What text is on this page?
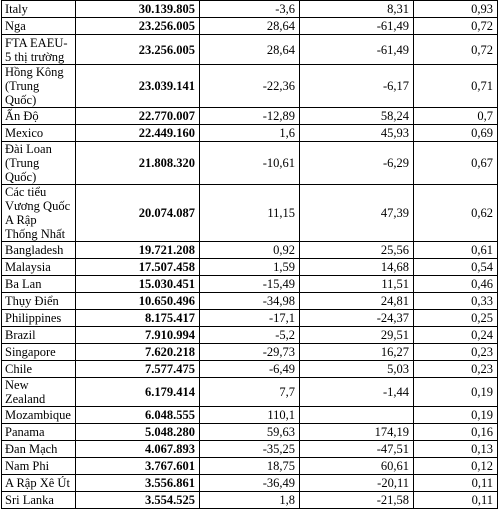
Italy	30.139.805	-3,6	8,31	0,93
Nga	23.256.005	28,64	-61,49	0,72
FTA EAEU-5 thị trường	23.256.005	28,64	-61,49	0,72
Hồng Kông (Trung Quốc)	23.039.141	-22,36	-6,17	0,71
Ấn Độ	22.770.007	-12,89	58,24	0,7
Mexico	22.449.160	1,6	45,93	0,69
Đài Loan (Trung Quốc)	21.808.320	-10,61	-6,29	0,67
Các tiểu Vương Quốc A Rập Thống Nhất	20.074.087	11,15	47,39	0,62
Bangladesh	19.721.208	0,92	25,56	0,61
Malaysia	17.507.458	1,59	14,68	0,54
Ba Lan	15.030.451	-15,49	11,51	0,46
Thụy Điển	10.650.496	-34,98	24,81	0,33
Philippines	8.175.417	-17,1	-24,37	0,25
Brazil	7.910.994	-5,2	29,51	0,24
Singapore	7.620.218	-29,73	16,27	0,23
Chile	7.577.475	-6,49	5,03	0,23
New Zealand	6.179.414	7,7	-1,44	0,19
Mozambique	6.048.555	110,1		0,19
Panama	5.048.280	59,63	174,19	0,16
Đan Mạch	4.067.893	-35,25	-47,51	0,13
Nam Phi	3.767.601	18,75	60,61	0,12
A Rập Xê Út	3.556.861	-36,49	-20,11	0,11
Sri Lanka	3.554.525	1,8	-21,58	0,11
